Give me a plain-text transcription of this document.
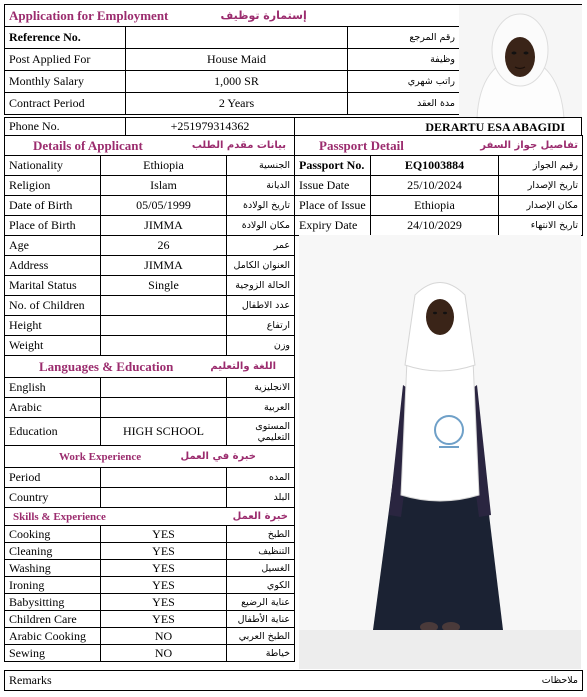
Application for Employment	إستمارة توظيف	
Reference No.		رقم المرجع
Post Applied For	House Maid	وظيفة
Monthly Salary	1,000 SR	راتب شهري
Contract Period	2 Years	مدة العقد
Phone No.	+251979314362	DERARTU ESA ABAGIDI
Details of Applicant		بيانات مقدم الطلب
Nationality	Ethiopia	الجنسية
Religion	Islam	الديانة
Date of Birth	05/05/1999	تاريخ الولادة
Place of Birth	JIMMA	مكان الولادة
Age	26	عمر
Address	JIMMA	العنوان الكامل
Marital Status	Single	الحالة الزوجية
No. of Children		عدد الاطفال
Height		ارتفاع
Weight		وزن
Languages & Education		اللغة والتعليم
English		الانجليزية
Arabic		العربية
Education	HIGH SCHOOL	المستوى التعليمي
Work Experience		خبرة في العمل
Period		المده
Country		البلد
Skills & Experience		خبرة العمل
Cooking	YES	الطبخ
Cleaning	YES	التنظيف
Washing	YES	الغسيل
Ironing	YES	الكوي
Babysitting	YES	عناية الرضيع
Children Care	YES	عناية الأطفال
Arabic Cooking	NO	الطبخ العربي
Sewing	NO	خياطة
Passport Detail		تفاصيل جواز السفر
Passport No.	EQ1003884	رقيم الجواز
Issue Date	25/10/2024	تاريخ الإصدار
Place of Issue	Ethiopia	مكان الإصدار
Expiry Date	24/10/2029	تاريخ الانتهاء
Remarks	ملاحظات
